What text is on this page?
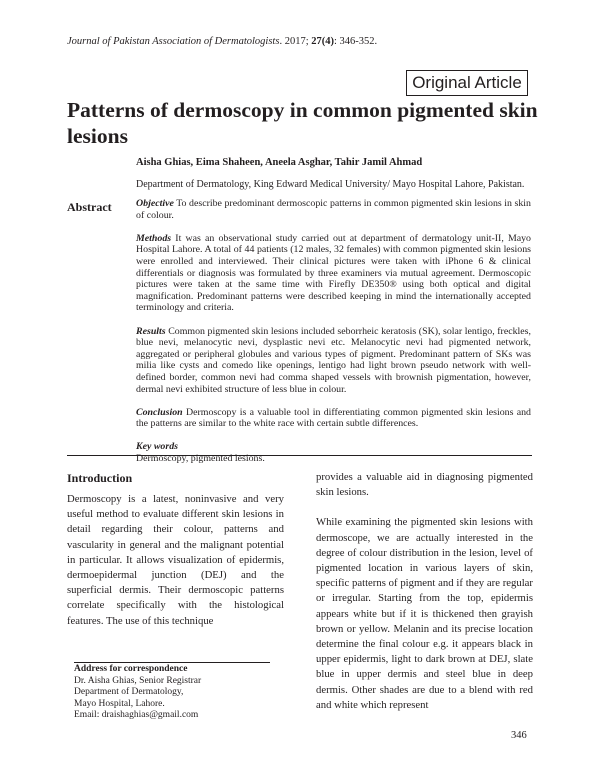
Journal of Pakistan Association of Dermatologists. 2017; 27(4): 346-352.
Original Article
Patterns of dermoscopy in common pigmented skin lesions
Aisha Ghias, Eima Shaheen, Aneela Asghar, Tahir Jamil Ahmad
Department of Dermatology, King Edward Medical University/ Mayo Hospital Lahore, Pakistan.
Abstract Objective To describe predominant dermoscopic patterns in common pigmented skin lesions in skin of colour.

Methods It was an observational study carried out at department of dermatology unit-II, Mayo Hospital Lahore. A total of 44 patients (12 males, 32 females) with common pigmented skin lesions were enrolled and interviewed. Their clinical pictures were taken with iPhone 6 & clinical differentials or diagnosis was formulated by three examiners via mutual agreement. Dermoscopic pictures were taken at the same time with Firefly DE350® using both optical and digital magnification. Predominant patterns were described keeping in mind the internationally accepted terminology and criteria.

Results Common pigmented skin lesions included seborrheic keratosis (SK), solar lentigo, freckles, blue nevi, melanocytic nevi, dysplastic nevi etc. Melanocytic nevi had pigmented network, aggregated or peripheral globules and various types of pigment. Predominant pattern of SKs was milia like cysts and comedo like openings, lentigo had light brown pseudo network with well-defined border, common nevi had comma shaped vessels with brownish pigmentation, however, dermal nevi exhibited structure of less blue in colour.

Conclusion Dermoscopy is a valuable tool in differentiating common pigmented skin lesions and the patterns are similar to the white race with certain subtle differences.

Key words
Dermoscopy, pigmented lesions.
Introduction

Dermoscopy is a latest, noninvasive and very useful method to evaluate different skin lesions in detail regarding their colour, patterns and vascularity in general and the malignant potential in particular. It allows visualization of epidermis, dermoepidermal junction (DEJ) and the superficial dermis. Their dermoscopic patterns correlate specifically with the histological features. The use of this technique

provides a valuable aid in diagnosing pigmented skin lesions.

While examining the pigmented skin lesions with dermoscope, we are actually interested in the degree of colour distribution in the lesion, level of pigmented location in various layers of skin, specific patterns of pigment and if they are regular or irregular. Starting from the top, epidermis appears white but if it is thickened then grayish brown or yellow. Melanin and its precise location determine the final colour e.g. it appears black in upper epidermis, light to dark brown at DEJ, slate blue in upper dermis and steel blue in deep dermis. Other shades are due to a blend with red and white which represent

Address for correspondence
Dr. Aisha Ghias, Senior Registrar
Department of Dermatology,
Mayo Hospital, Lahore.
Email: draishaghias@gmail.com
346
